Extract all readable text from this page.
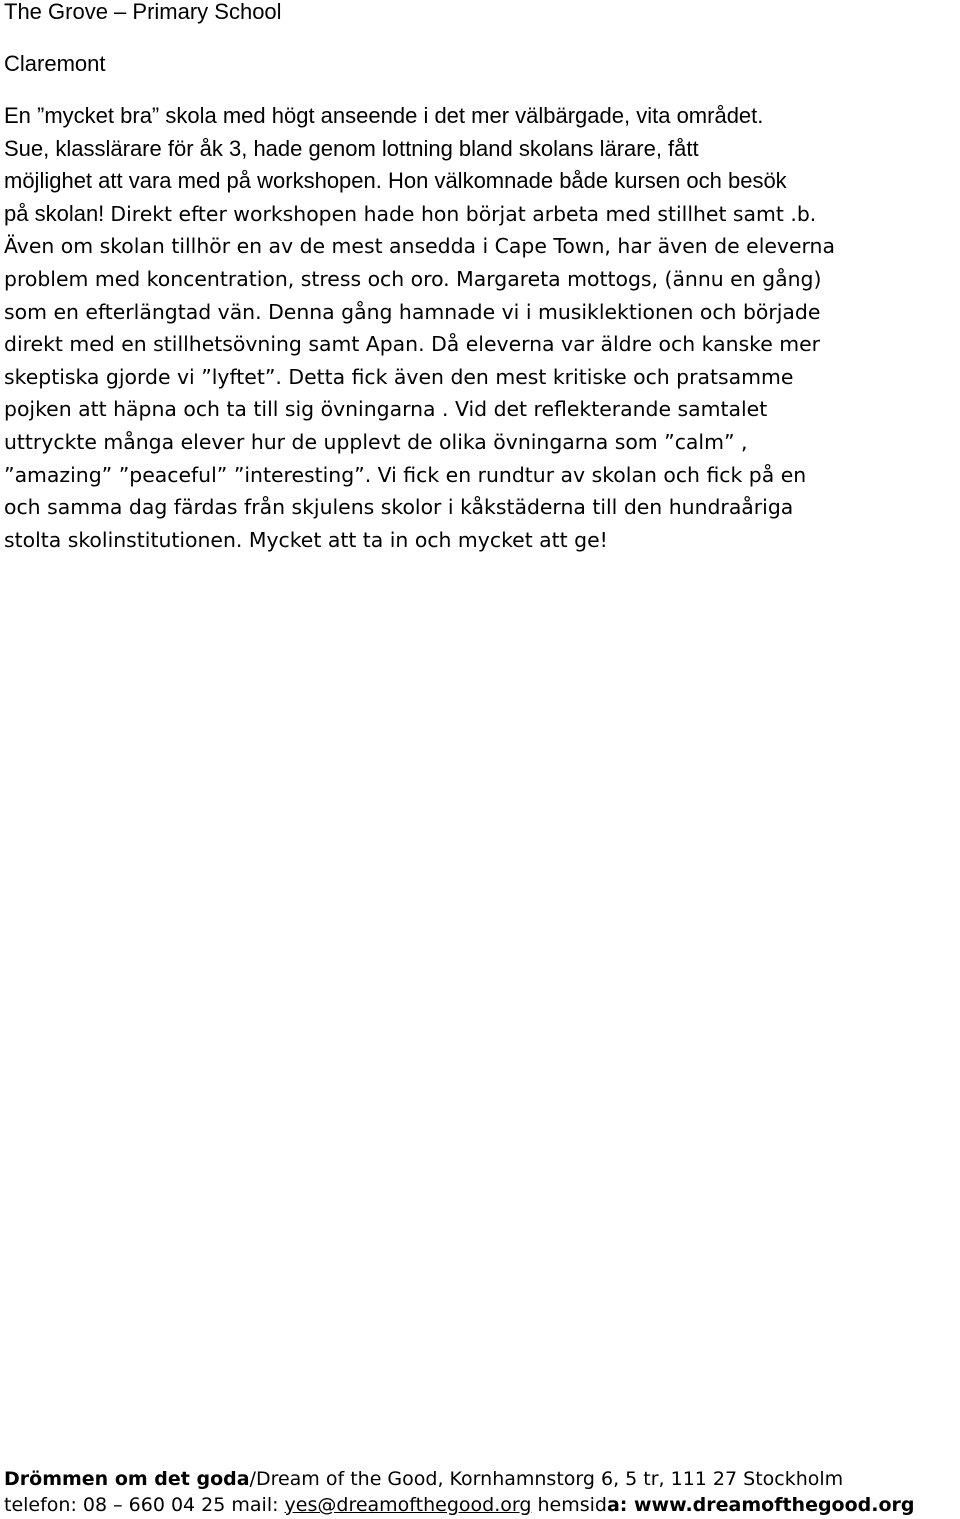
The Grove – Primary School
Claremont
En ”mycket bra” skola med högt anseende i det mer välbärgade, vita området.
Sue, klasslärare för åk 3, hade genom lottning bland skolans lärare, fått
möjlighet att vara med på workshopen. Hon välkomnade både kursen och besök
på skolan! Direkt efter workshopen hade hon börjat arbeta med stillhet samt .b.
Även om skolan tillhör en av de mest ansedda i Cape Town, har även de eleverna
problem med koncentration, stress och oro. Margareta mottogs, (ännu en gång)
som en efterlängtad vän. Denna gång hamnade vi i musiklektionen och började
direkt med en stillhetsövning samt Apan. Då eleverna var äldre och kanske mer
skeptiska gjorde vi ”lyftet”. Detta fick även den mest kritiske och pratsamme
pojken att häpna och ta till sig övningarna . Vid det reflekterande samtalet
uttryckte många elever hur de upplevt de olika övningarna som ”calm” ,
”amazing” ”peaceful” ”interesting”. Vi fick en rundtur av skolan och fick på en
och samma dag färdas från skjulens skolor i kåkstäderna till den hundraåriga
stolta skolinstitutionen. Mycket att ta in och mycket att ge!
Drömmen om det goda/Dream of the Good, Kornhamnstorg 6, 5 tr, 111 27 Stockholm
telefon: 08 – 660 04 25 mail: yes@dreamofthegood.org hemsida: www.dreamofthegood.org
